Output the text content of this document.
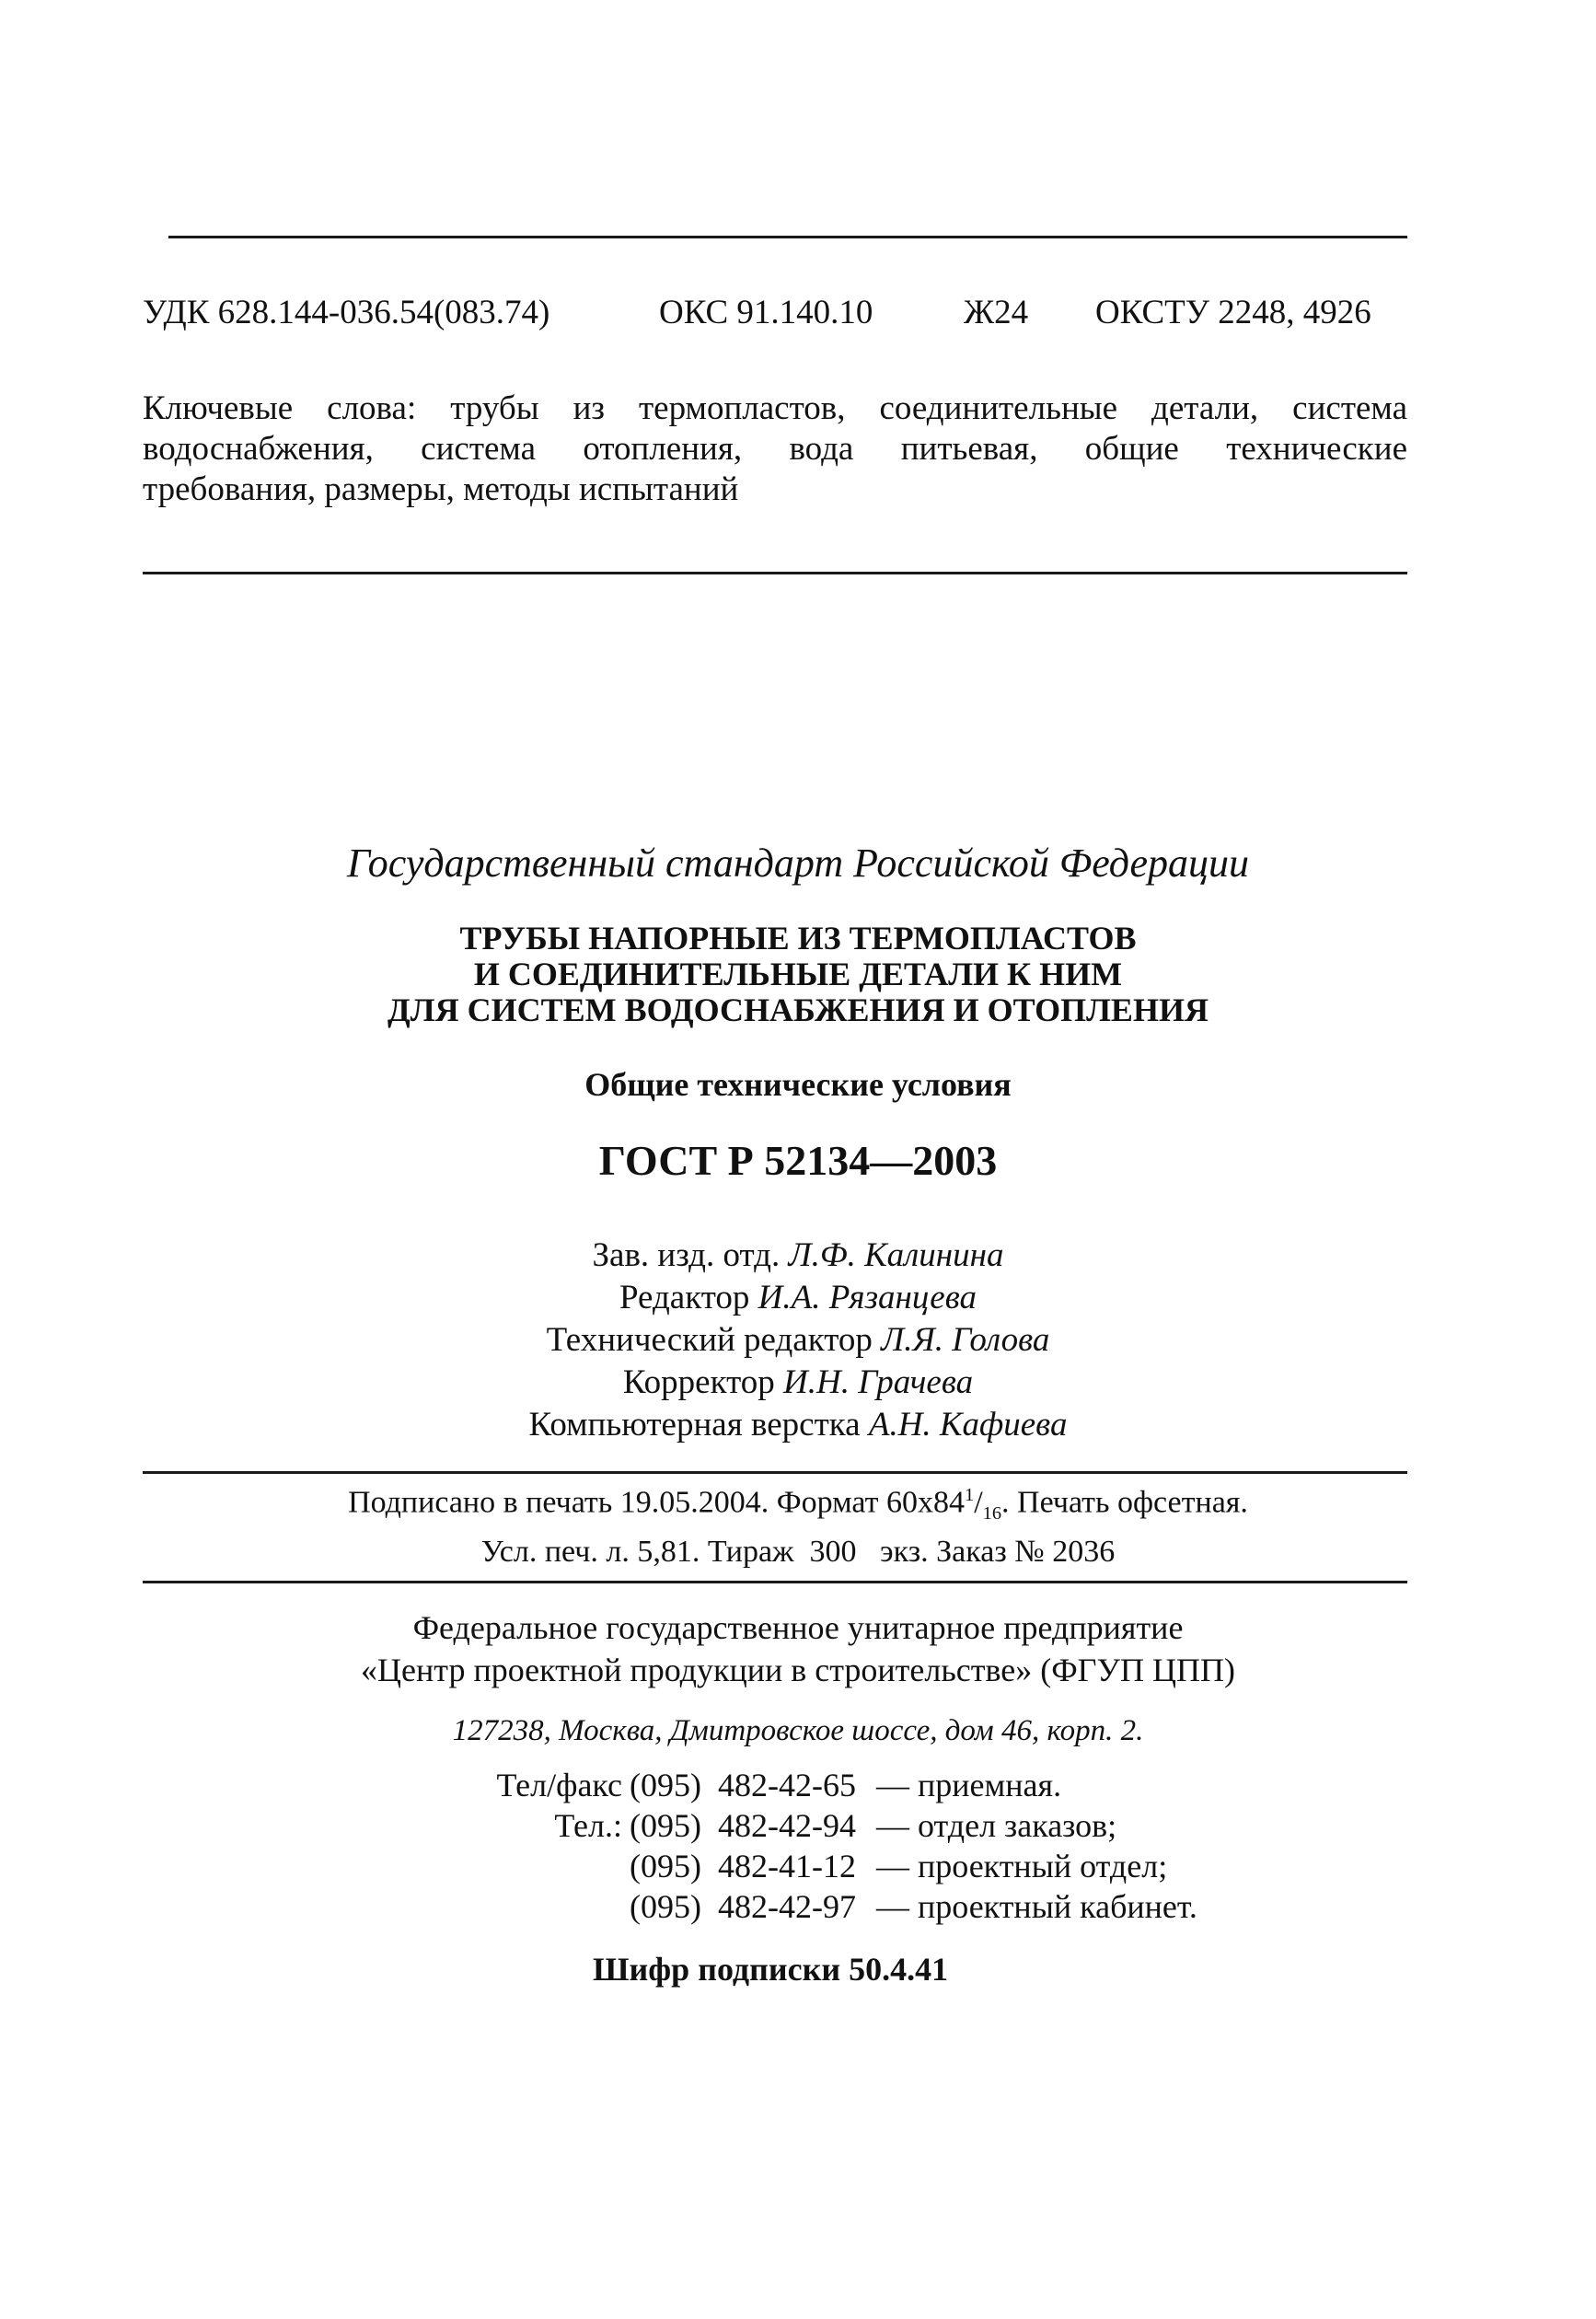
УДК 628.144-036.54(083.74)	ОКС 91.140.10	Ж24 ОКСТУ 2248, 4926
Ключевые слова: трубы из термопластов, соединительные детали, система
водоснабжения, система отопления, вода питьевая, общие технические
требования, размеры, методы испытаний
Государственный стандарт Российской Федерации
ТРУБЫ НАПОРНЫЕ ИЗ ТЕРМОПЛАСТОВ
И СОЕДИНИТЕЛЬНЫЕ ДЕТАЛИ К НИМ
ДЛЯ СИСТЕМ ВОДОСНАБЖЕНИЯ И ОТОПЛЕНИЯ
Общие технические условия
ГОСТ Р 52134—2003
Зав. изд. отд. Л.Ф. Калинина
Редактор И.А. Рязанцева
Технический редактор Л.Я. Голова
Корректор И.Н. Грачева
Компьютерная верстка А.Н. Кафиева
Подписано в печать 19.05.2004. Формат $60x84^1/_{16}$. Печать офсетная.
Усл. печ. л. 5,81. Тираж  300   экз. Заказ № 2036
Федеральное государственное унитарное предприятие
«Центр проектной продукции в строительстве» (ФГУП ЦПП)
127238, Москва, Дмитровское шоссе, дом 46, корп. 2.
Тел/факс (095)  482-42-65 — приемная.
Тел.: (095)  482-42-94 — отдел заказов;
(095)  482-41-12 — проектный отдел;
(095)  482-42-97 — проектный кабинет.
Шифр подписки 50.4.41
